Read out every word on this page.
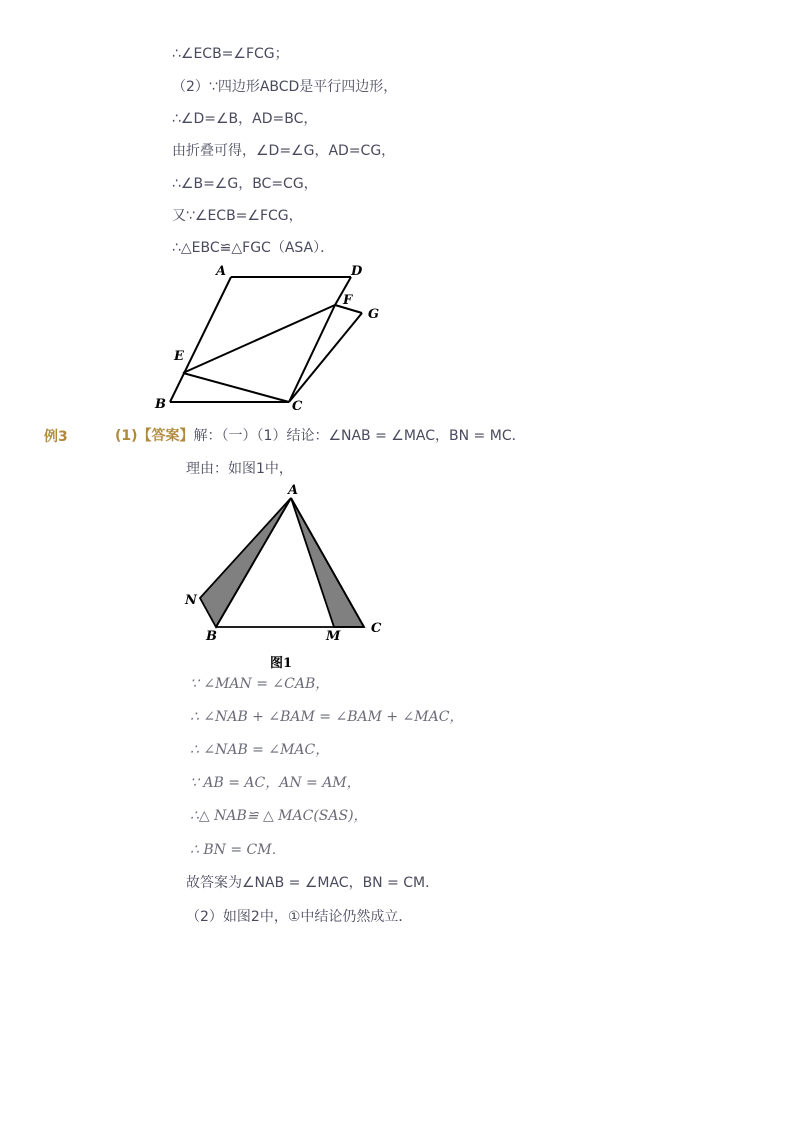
∴∠ECB=∠FCG；
（2）∵四边形ABCD是平行四边形，
∴∠D=∠B，AD=BC，
由折叠可得，∠D=∠G，AD=CG，
∴∠B=∠G，BC=CG，
又∵∠ECB=∠FCG，
∴△EBC≌△FGC（ASA）．
A	D
F
G
E
B	C
例3	(1)【答案】解：（一）（1）结论：∠NAB = ∠MAC，BN = MC．
理由：如图1中，
A
N
B	M
C
图1
∵ ∠MAN = ∠CAB，
∴ ∠NAB + ∠BAM = ∠BAM + ∠MAC，
∴ ∠NAB = ∠MAC，
∵ AB = AC，AN = AM，
∴△ NAB≌ △ MAC(SAS)，
∴ BN = CM．
故答案为∠NAB = ∠MAC，BN = CM．
（2）如图2中，①中结论仍然成立．
